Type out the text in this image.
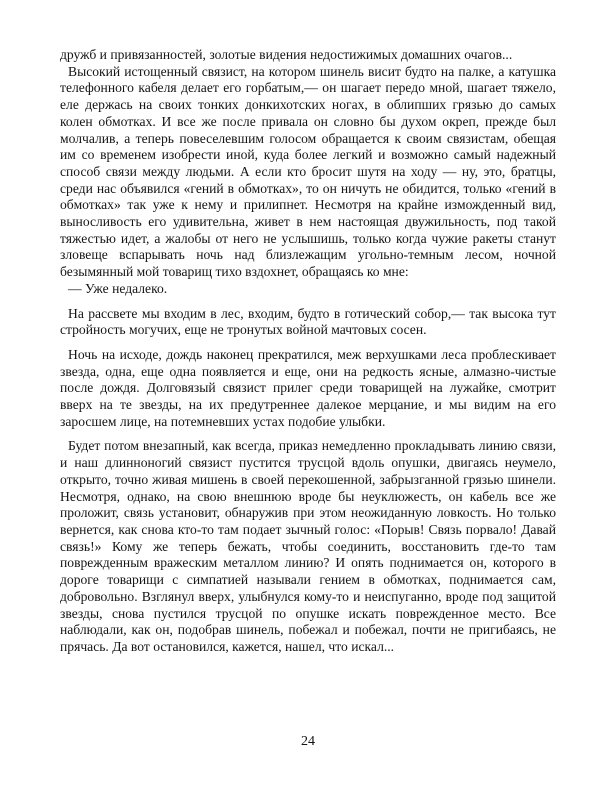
дружб и привязанностей, золотые видения недостижимых домашних очагов...

Высокий истощенный связист, на котором шинель висит будто на палке, а катушка телефонного кабеля делает его горбатым,— он шагает передо мной, шагает тяжело, еле держась на своих тонких донкихотских ногах, в облипших грязью до самых колен обмотках. И все же после привала он словно бы духом окреп, прежде был молчалив, а теперь повеселевшим голосом обращается к своим связистам, обещая им со временем изобрести иной, куда более легкий и возможно самый надежный способ связи между людьми. А если кто бросит шутя на ходу — ну, это, братцы, среди нас объявился «гений в обмотках», то он ничуть не обидится, только «гений в обмотках» так уже к нему и прилипнет. Несмотря на крайне изможденный вид, выносливость его удивительна, живет в нем настоящая двужильность, под такой тяжестью идет, а жалобы от него не услышишь, только когда чужие ракеты станут зловеще вспарывать ночь над близлежащим угольно-темным лесом, ночной безымянный мой товарищ тихо вздохнет, обращаясь ко мне:

— Уже недалеко.

На рассвете мы входим в лес, входим, будто в готический собор,— так высока тут стройность могучих, еще не тронутых войной мачтовых сосен.

Ночь на исходе, дождь наконец прекратился, меж верхушками леса проблескивает звезда, одна, еще одна появляется и еще, они на редкость ясные, алмазно-чистые после дождя. Долговязый связист прилег среди товарищей на лужайке, смотрит вверх на те звезды, на их предутреннее далекое мерцание, и мы видим на его заросшем лице, на потемневших устах подобие улыбки.

Будет потом внезапный, как всегда, приказ немедленно прокладывать линию связи, и наш длинноногий связист пустится трусцой вдоль опушки, двигаясь неумело, открыто, точно живая мишень в своей перекошенной, забрызганной грязью шинели. Несмотря, однако, на свою внешнюю вроде бы неуклюжесть, он кабель все же проложит, связь установит, обнаружив при этом неожиданную ловкость. Но только вернется, как снова кто-то там подает зычный голос: «Порыв! Связь порвало! Давай связь!» Кому же теперь бежать, чтобы соединить, восстановить где-то там поврежденным вражеским металлом линию? И опять поднимается он, которого в дороге товарищи с симпатией называли гением в обмотках, поднимается сам, добровольно. Взглянул вверх, улыбнулся кому-то и неиспуганно, вроде под защитой звезды, снова пустился трусцой по опушке искать поврежденное место. Все наблюдали, как он, подобрав шинель, побежал и побежал, почти не пригибаясь, не прячась. Да вот остановился, кажется, нашел, что искал...

24
